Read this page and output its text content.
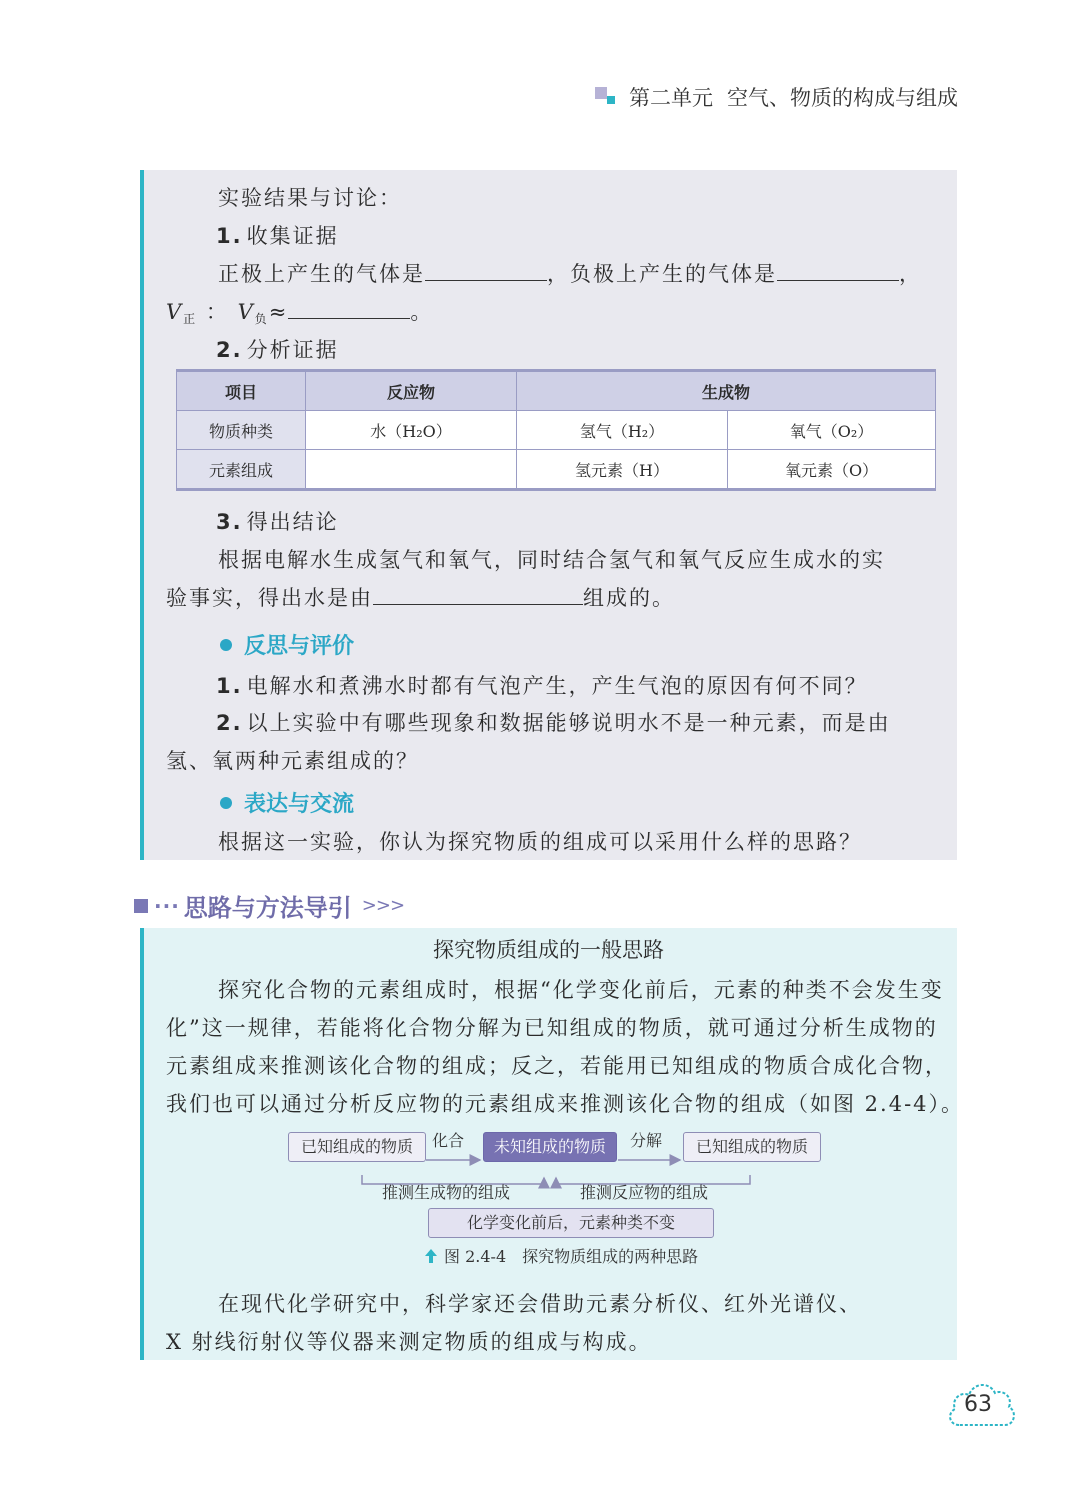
第二单元 空气、物质的构成与组成
实验结果与讨论：
1. 收集证据
正极上产生的气体是	，负极上产生的气体是	，
$V_正$ ： $V_负\approx$	。
2. 分析证据
项目	反应物	生成物	
物质种类	水（H₂O）	氢气（H₂）	氧气（O₂）
元素组成		氢元素（H）	氧元素（O）
3. 得出结论
根据电解水生成氢气和氧气，同时结合氢气和氧气反应生成水的实
验事实，得出水是由	组成的。
反思与评价
1. 电解水和煮沸水时都有气泡产生，产生气泡的原因有何不同？
2. 以上实验中有哪些现象和数据能够说明水不是一种元素，而是由
氢、氧两种元素组成的？
表达与交流
根据这一实验，你认为探究物质的组成可以采用什么样的思路？
··· 思路与方法导引 >>>
探究物质组成的一般思路
探究化合物的元素组成时，根据“化学变化前后，元素的种类不会发生变
化”这一规律，若能将化合物分解为已知组成的物质，就可通过分析生成物的
元素组成来推测该化合物的组成；反之，若能用已知组成的物质合成化合物，
我们也可以通过分析反应物的元素组成来推测该化合物的组成（如图 2.4-4）。
已知组成的物质	未知组成的物质	已知组成的物质
化合	分解
推测生成物的组成	推测反应物的组成
化学变化前后，元素种类不变
图 2.4-4 探究物质组成的两种思路
在现代化学研究中，科学家还会借助元素分析仪、红外光谱仪、
X 射线衍射仪等仪器来测定物质的组成与构成。
63
